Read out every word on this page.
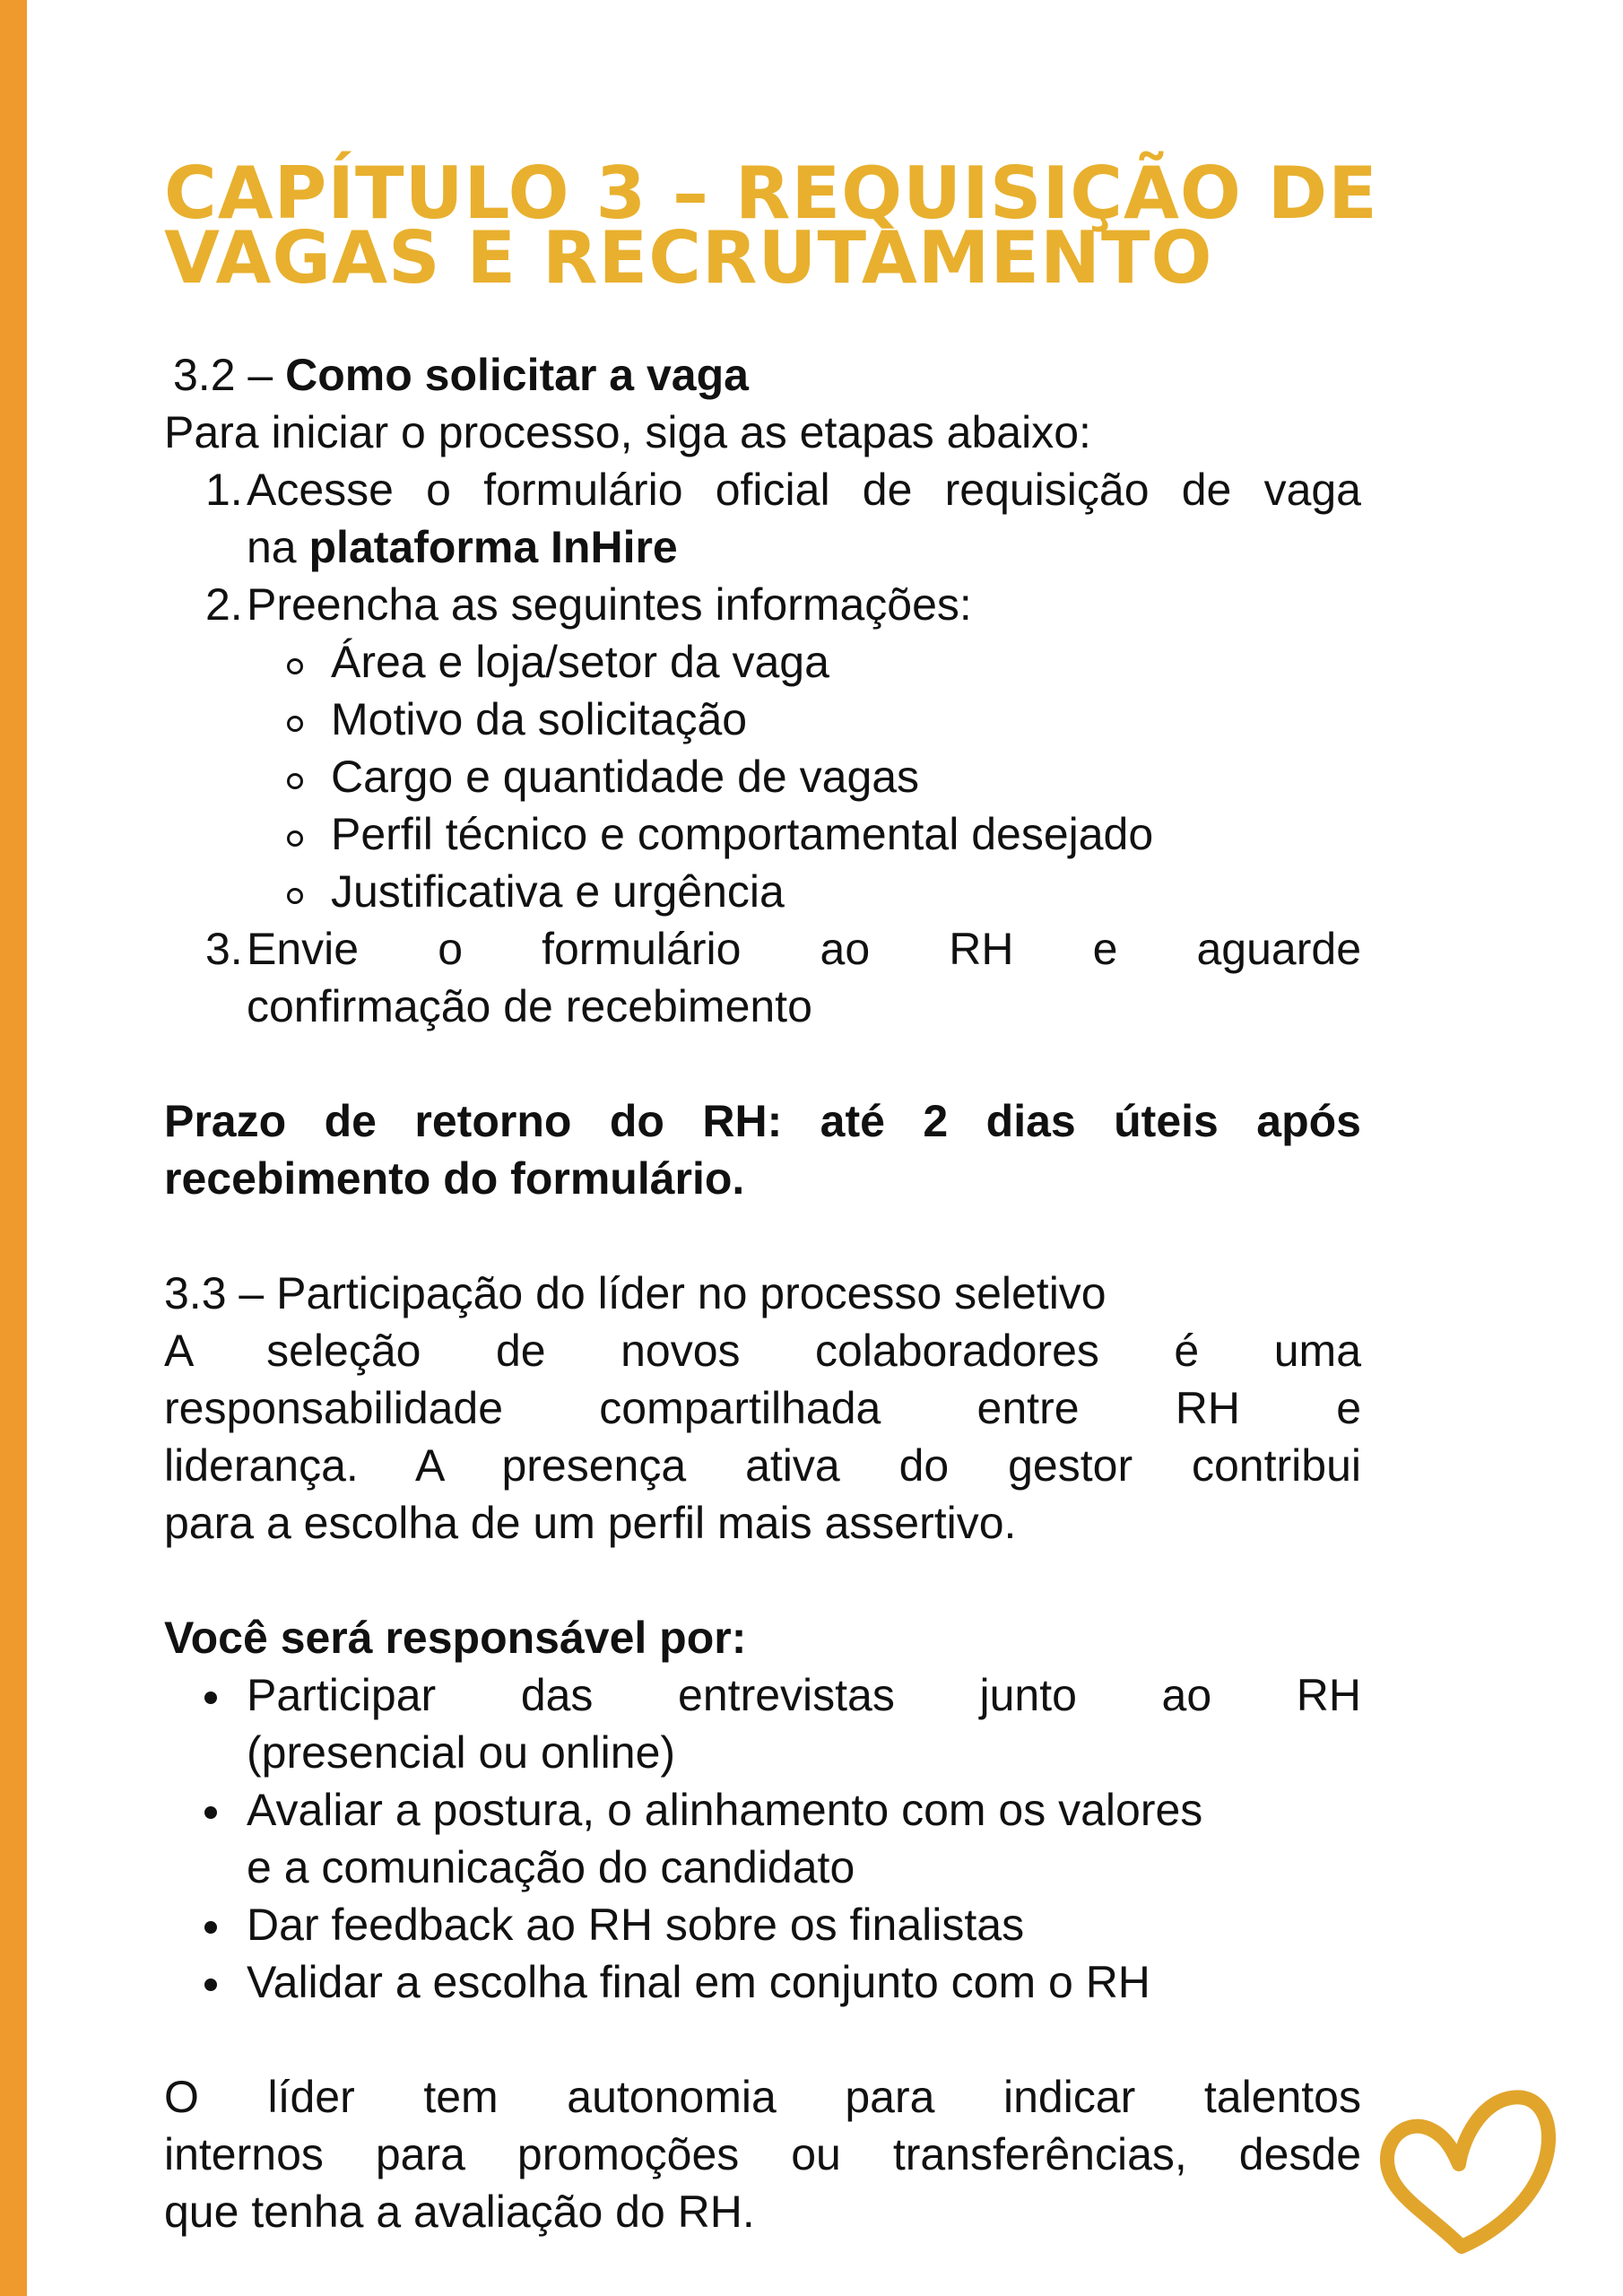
CAPÍTULO 3 – REQUISIÇÃO DE
VAGAS E RECRUTAMENTO
3.2 – Como solicitar a vaga
Para iniciar o processo, siga as etapas abaixo:
1. Acesse o formulário oficial de requisição de vaga
na plataforma InHire
2. Preencha as seguintes informações:
Área e loja/setor da vaga
Motivo da solicitação
Cargo e quantidade de vagas
Perfil técnico e comportamental desejado
Justificativa e urgência
3. Envie o formulário ao RH e aguarde
confirmação de recebimento
Prazo de retorno do RH: até 2 dias úteis após
recebimento do formulário.
3.3 – Participação do líder no processo seletivo
A seleção de novos colaboradores é uma
responsabilidade compartilhada entre RH e
liderança. A presença ativa do gestor contribui
para a escolha de um perfil mais assertivo.
Você será responsável por:
Participar das entrevistas junto ao RH
(presencial ou online)
Avaliar a postura, o alinhamento com os valores
e a comunicação do candidato
Dar feedback ao RH sobre os finalistas
Validar a escolha final em conjunto com o RH
O líder tem autonomia para indicar talentos
internos para promoções ou transferências, desde
que tenha a avaliação do RH.
